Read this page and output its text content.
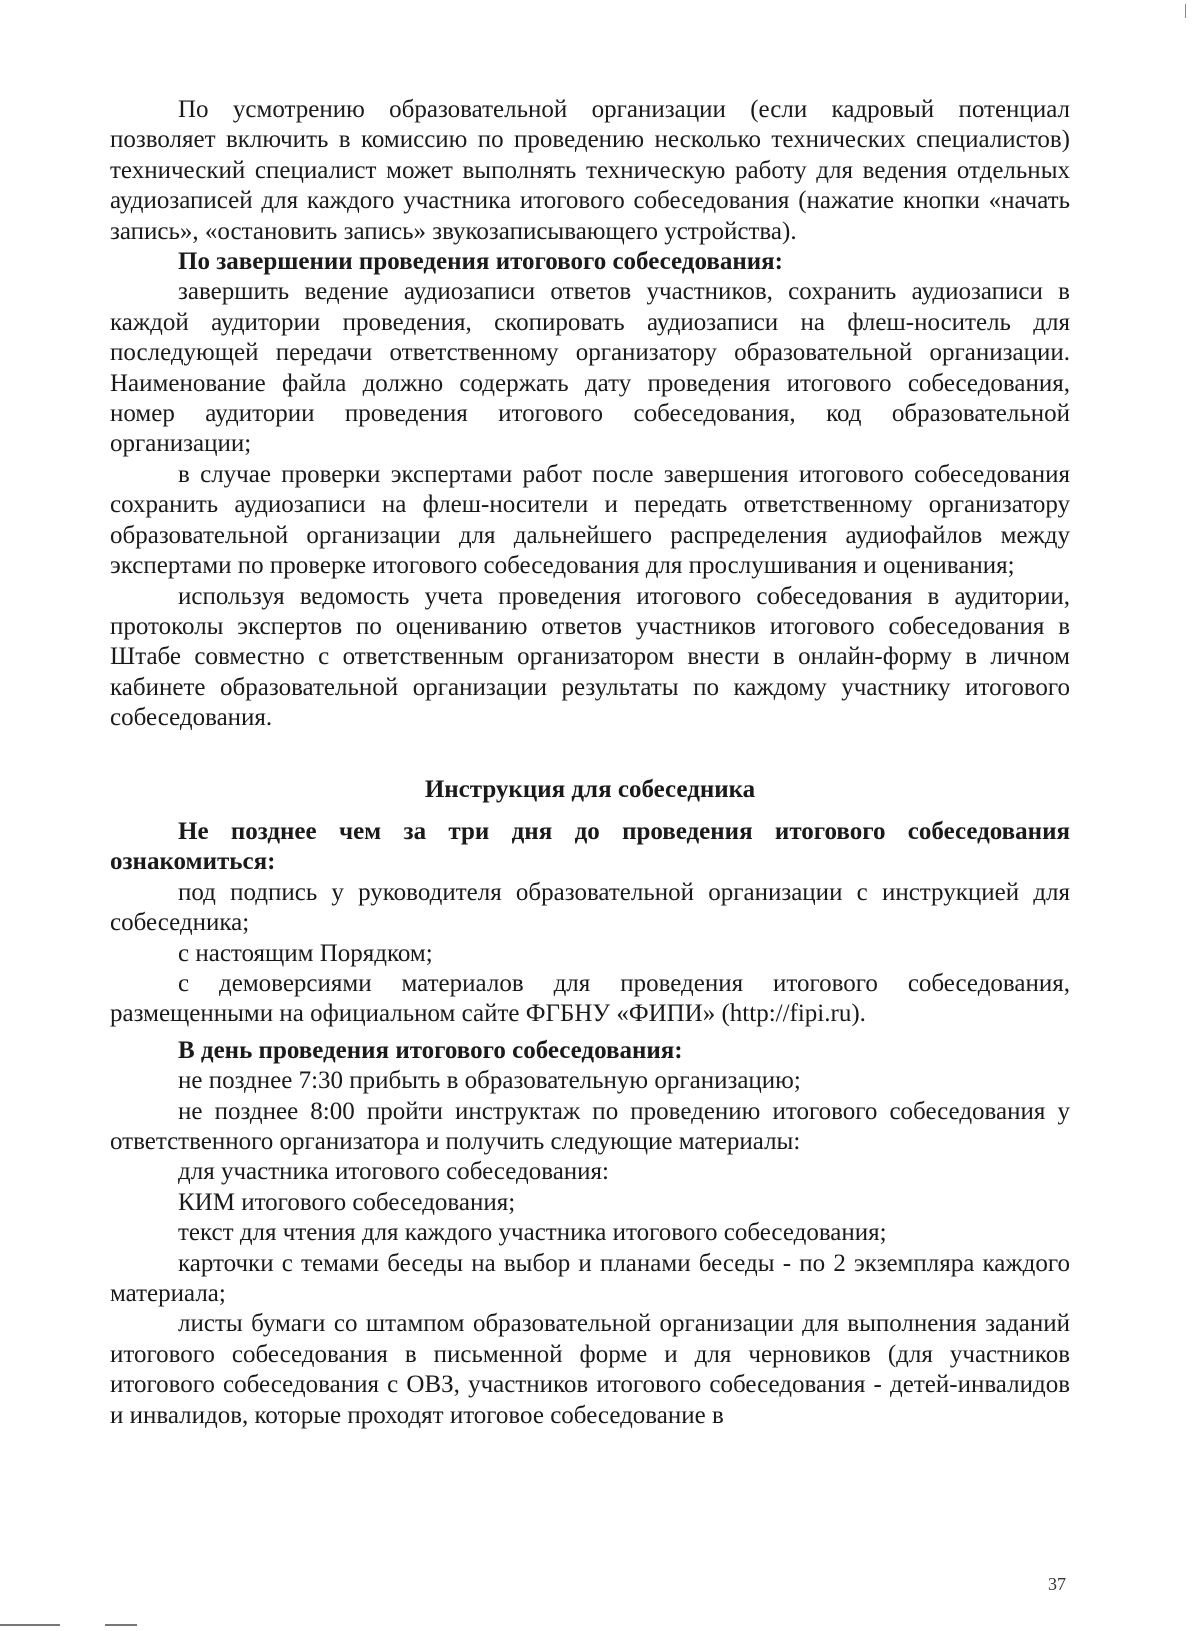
По усмотрению образовательной организации (если кадровый потенциал позволяет включить в комиссию по проведению несколько технических специалистов) технический специалист может выполнять техническую работу для ведения отдельных аудиозаписей для каждого участника итогового собеседования (нажатие кнопки «начать запись», «остановить запись» звукозаписывающего устройства).

По завершении проведения итогового собеседования:

завершить ведение аудиозаписи ответов участников, сохранить аудиозаписи в каждой аудитории проведения, скопировать аудиозаписи на флеш-носитель для последующей передачи ответственному организатору образовательной организации. Наименование файла должно содержать дату проведения итогового собеседования, номер аудитории проведения итогового собеседования, код образовательной организации;

в случае проверки экспертами работ после завершения итогового собеседования сохранить аудиозаписи на флеш-носители и передать ответственному организатору образовательной организации для дальнейшего распределения аудиофайлов между экспертами по проверке итогового собеседования для прослушивания и оценивания;

используя ведомость учета проведения итогового собеседования в аудитории, протоколы экспертов по оцениванию ответов участников итогового собеседования в Штабе совместно с ответственным организатором внести в онлайн-форму в личном кабинете образовательной организации результаты по каждому участнику итогового собеседования.

Инструкция для собеседника

Не позднее чем за три дня до проведения итогового собеседования ознакомиться:

под подпись у руководителя образовательной организации с инструкцией для собеседника;

с настоящим Порядком;

с демоверсиями материалов для проведения итогового собеседования, размещенными на официальном сайте ФГБНУ «ФИПИ» (http://fipi.ru).

В день проведения итогового собеседования:

не позднее 7:30 прибыть в образовательную организацию;

не позднее 8:00 пройти инструктаж по проведению итогового собеседования у ответственного организатора и получить следующие материалы:

для участника итогового собеседования:

КИМ итогового собеседования;

текст для чтения для каждого участника итогового собеседования;

карточки с темами беседы на выбор и планами беседы - по 2 экземпляра каждого материала;

листы бумаги со штампом образовательной организации для выполнения заданий итогового собеседования в письменной форме и для черновиков (для участников итогового собеседования с ОВЗ, участников итогового собеседования - детей-инвалидов и инвалидов, которые проходят итоговое собеседование в

37
